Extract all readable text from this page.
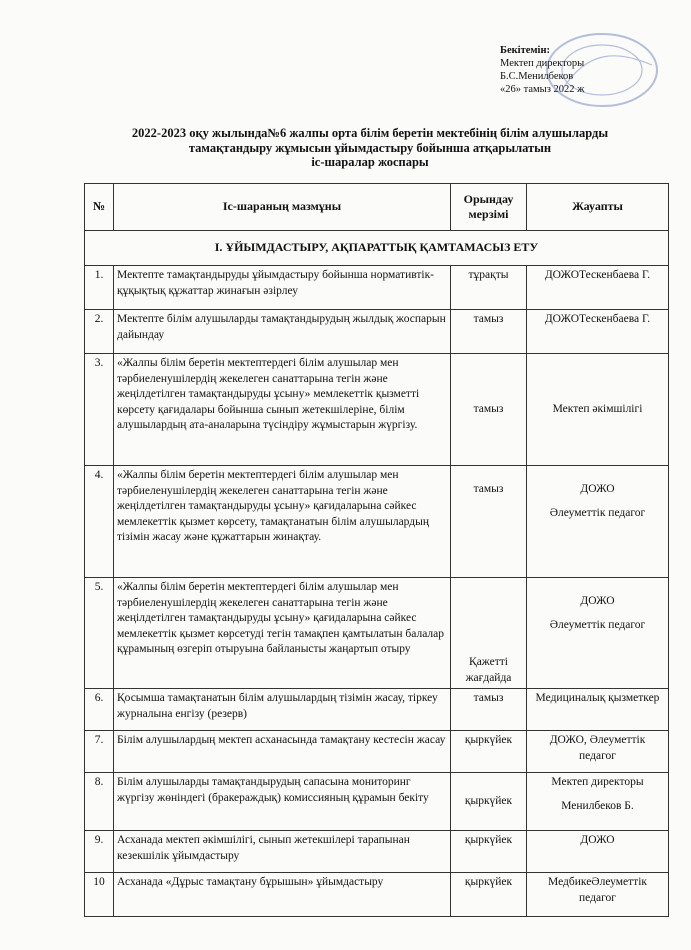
Бекітемін:
Мектеп директоры
Б.С.Менилбеков
«26» тамыз 2022 ж
2022-2023 оқу жылында№6 жалпы орта білім беретін мектебінің білім алушыларды
тамақтандыру жұмысын ұйымдастыру бойынша атқарылатын
іс-шаралар жоспары
№	Іс-шараның мазмұны	Орындау мерзімі	Жауапты
І. ҰЙЫМДАСТЫРУ, АҚПАРАТТЫҚ ҚАМТАМАСЫЗ ЕТУ			
1.	Мектепте тамақтандыруды ұйымдастыру бойынша нормативтік-құқықтық құжаттар жинағын әзірлеу	тұрақты	ДОЖОТескенбаева Г.
2.	Мектепте білім алушыларды тамақтандырудың жылдық жоспарын дайындау	тамыз	ДОЖОТескенбаева Г.
3.	«Жалпы білім беретін мектептердегі білім алушылар мен тәрбиеленушілердің жекелеген санаттарына тегін және жеңілдетілген тамақтандыруды ұсыну» мемлекеттік қызметті көрсету қағидалары бойынша сынып жетекшілеріне, білім алушылардың ата-аналарына түсіндіру жұмыстарын жүргізу.	тамыз	Мектеп әкімшілігі
4.	«Жалпы білім беретін мектептердегі білім алушылар мен тәрбиеленушілердің жекелеген санаттарына тегін және жеңілдетілген тамақтандыруды ұсыну» қағидаларына сәйкес мемлекеттік қызмет көрсету, тамақтанатын білім алушылардың тізімін жасау және құжаттарын жинақтау.	тамыз	ДОЖО
Әлеуметтік педагог

5.	«Жалпы білім беретін мектептердегі білім алушылар мен тәрбиеленушілердің жекелеген санаттарына тегін және жеңілдетілген тамақтандыруды ұсыну» қағидаларына сәйкес мемлекеттік қызмет көрсетуді тегін тамақпен қамтылатын балалар құрамының өзгеріп отыруына байланысты жаңартып отыру	Қажетті жағдайда	ДОЖО
Әлеуметтік педагог

6.	Қосымша тамақтанатын білім алушылардың тізімін жасау, тіркеу журналына енгізу (резерв)	тамыз	Медициналық қызметкер
7.	Білім алушылардың мектеп асханасында тамақтану кестесін жасау	қыркүйек	ДОЖО, Әлеуметтік педагог
8.	Білім алушыларды тамақтандырудың сапасына мониторинг жүргізу жөніндегі (бракераждық) комиссияның құрамын бекіту	қыркүйек	Мектеп директоры
Менилбеков Б.

9.	Асханада мектеп әкімшілігі, сынып жетекшілері тарапынан кезекшілік ұйымдастыру	қыркүйек	ДОЖО
10	Асханада «Дұрыс тамақтану бұрышын» ұйымдастыру	қыркүйек	МедбикеӘлеуметтік педагог
